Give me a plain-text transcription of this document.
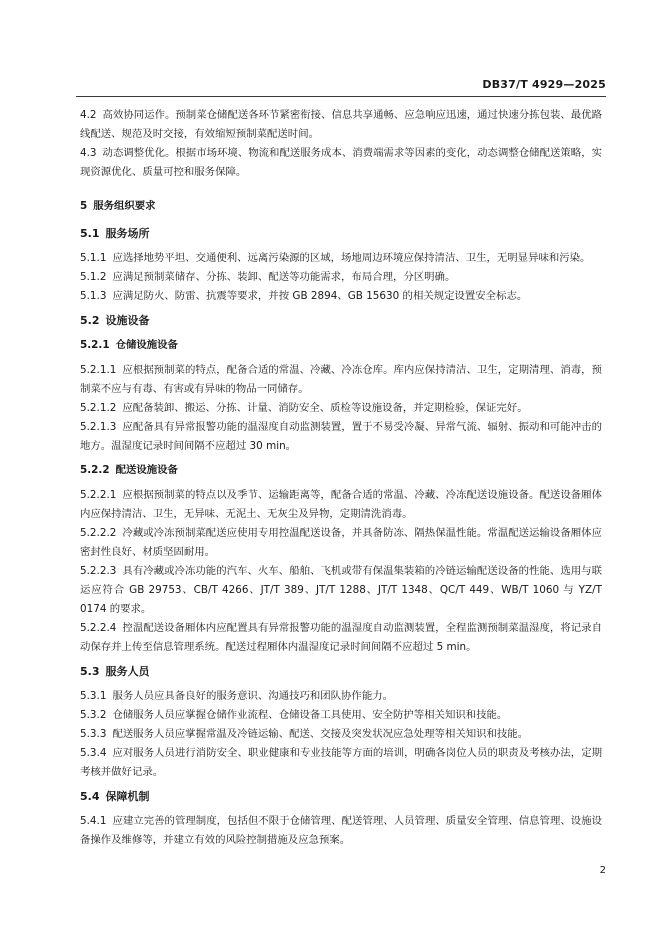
DB37/T 4929—2025

4.2 高效协同运作。预制菜仓储配送各环节紧密衔接、信息共享通畅、应急响应迅速，通过快速分拣包装、最优路线配送、规范及时交接，有效缩短预制菜配送时间。

4.3 动态调整优化。根据市场环境、物流和配送服务成本、消费端需求等因素的变化，动态调整仓储配送策略，实现资源优化、质量可控和服务保障。

5 服务组织要求

5.1 服务场所

5.1.1 应选择地势平坦、交通便利、远离污染源的区域，场地周边环境应保持清洁、卫生，无明显异味和污染。

5.1.2 应满足预制菜储存、分拣、装卸、配送等功能需求，布局合理，分区明确。

5.1.3 应满足防火、防雷、抗震等要求，并按 GB 2894、GB 15630 的相关规定设置安全标志。

5.2 设施设备

5.2.1 仓储设施设备

5.2.1.1 应根据预制菜的特点，配备合适的常温、冷藏、冷冻仓库。库内应保持清洁、卫生，定期清理、消毒，预制菜不应与有毒、有害或有异味的物品一同储存。

5.2.1.2 应配备装卸、搬运、分拣、计量、消防安全、质检等设施设备，并定期检验，保证完好。

5.2.1.3 应配备具有异常报警功能的温湿度自动监测装置，置于不易受冷凝、异常气流、辐射、振动和可能冲击的地方。温湿度记录时间间隔不应超过 30 min。

5.2.2 配送设施设备

5.2.2.1 应根据预制菜的特点以及季节、运输距离等，配备合适的常温、冷藏、冷冻配送设施设备。配送设备厢体内应保持清洁、卫生，无异味、无泥土、无灰尘及异物，定期清洗消毒。

5.2.2.2 冷藏或冷冻预制菜配送应使用专用控温配送设备，并具备防冻、隔热保温性能。常温配送运输设备厢体应密封性良好、材质坚固耐用。

5.2.2.3 具有冷藏或冷冻功能的汽车、火车、船舶、飞机或带有保温集装箱的冷链运输配送设备的性能、选用与联运应符合 GB 29753、CB/T 4266、JT/T 389、JT/T 1288、JT/T 1348、QC/T 449、WB/T 1060 与 YZ/T 0174 的要求。

5.2.2.4 控温配送设备厢体内应配置具有异常报警功能的温湿度自动监测装置，全程监测预制菜温湿度，将记录自动保存并上传至信息管理系统。配送过程厢体内温湿度记录时间间隔不应超过 5 min。

5.3 服务人员

5.3.1 服务人员应具备良好的服务意识、沟通技巧和团队协作能力。

5.3.2 仓储服务人员应掌握仓储作业流程、仓储设备工具使用、安全防护等相关知识和技能。

5.3.3 配送服务人员应掌握常温及冷链运输、配送、交接及突发状况应急处理等相关知识和技能。

5.3.4 应对服务人员进行消防安全、职业健康和专业技能等方面的培训，明确各岗位人员的职责及考核办法，定期考核并做好记录。

5.4 保障机制

5.4.1 应建立完善的管理制度，包括但不限于仓储管理、配送管理、人员管理、质量安全管理、信息管理、设施设备操作及维修等，并建立有效的风险控制措施及应急预案。

2
